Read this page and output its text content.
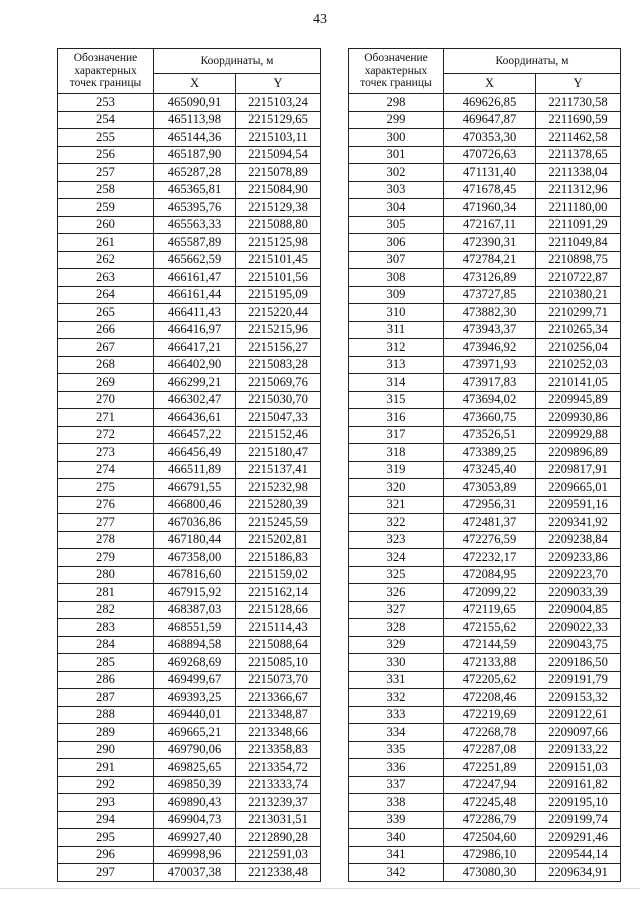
43
Обозначение характерных точек границы	Координаты, м	
	X	Y
253	465090,91	2215103,24
254	465113,98	2215129,65
255	465144,36	2215103,11
256	465187,90	2215094,54
257	465287,28	2215078,89
258	465365,81	2215084,90
259	465395,76	2215129,38
260	465563,33	2215088,80
261	465587,89	2215125,98
262	465662,59	2215101,45
263	466161,47	2215101,56
264	466161,44	2215195,09
265	466411,43	2215220,44
266	466416,97	2215215,96
267	466417,21	2215156,27
268	466402,90	2215083,28
269	466299,21	2215069,76
270	466302,47	2215030,70
271	466436,61	2215047,33
272	466457,22	2215152,46
273	466456,49	2215180,47
274	466511,89	2215137,41
275	466791,55	2215232,98
276	466800,46	2215280,39
277	467036,86	2215245,59
278	467180,44	2215202,81
279	467358,00	2215186,83
280	467816,60	2215159,02
281	467915,92	2215162,14
282	468387,03	2215128,66
283	468551,59	2215114,43
284	468894,58	2215088,64
285	469268,69	2215085,10
286	469499,67	2215073,70
287	469393,25	2213366,67
288	469440,01	2213348,87
289	469665,21	2213348,66
290	469790,06	2213358,83
291	469825,65	2213354,72
292	469850,39	2213333,74
293	469890,43	2213239,37
294	469904,73	2213031,51
295	469927,40	2212890,28
296	469998,96	2212591,03
297	470037,38	2212338,48
Обозначение характерных точек границы	Координаты, м	
	X	Y
298	469626,85	2211730,58
299	469647,87	2211690,59
300	470353,30	2211462,58
301	470726,63	2211378,65
302	471131,40	2211338,04
303	471678,45	2211312,96
304	471960,34	2211180,00
305	472167,11	2211091,29
306	472390,31	2211049,84
307	472784,21	2210898,75
308	473126,89	2210722,87
309	473727,85	2210380,21
310	473882,30	2210299,71
311	473943,37	2210265,34
312	473946,92	2210256,04
313	473971,93	2210252,03
314	473917,83	2210141,05
315	473694,02	2209945,89
316	473660,75	2209930,86
317	473526,51	2209929,88
318	473389,25	2209896,89
319	473245,40	2209817,91
320	473053,89	2209665,01
321	472956,31	2209591,16
322	472481,37	2209341,92
323	472276,59	2209238,84
324	472232,17	2209233,86
325	472084,95	2209223,70
326	472099,22	2209033,39
327	472119,65	2209004,85
328	472155,62	2209022,33
329	472144,59	2209043,75
330	472133,88	2209186,50
331	472205,62	2209191,79
332	472208,46	2209153,32
333	472219,69	2209122,61
334	472268,78	2209097,66
335	472287,08	2209133,22
336	472251,89	2209151,03
337	472247,94	2209161,82
338	472245,48	2209195,10
339	472286,79	2209199,74
340	472504,60	2209291,46
341	472986,10	2209544,14
342	473080,30	2209634,91
